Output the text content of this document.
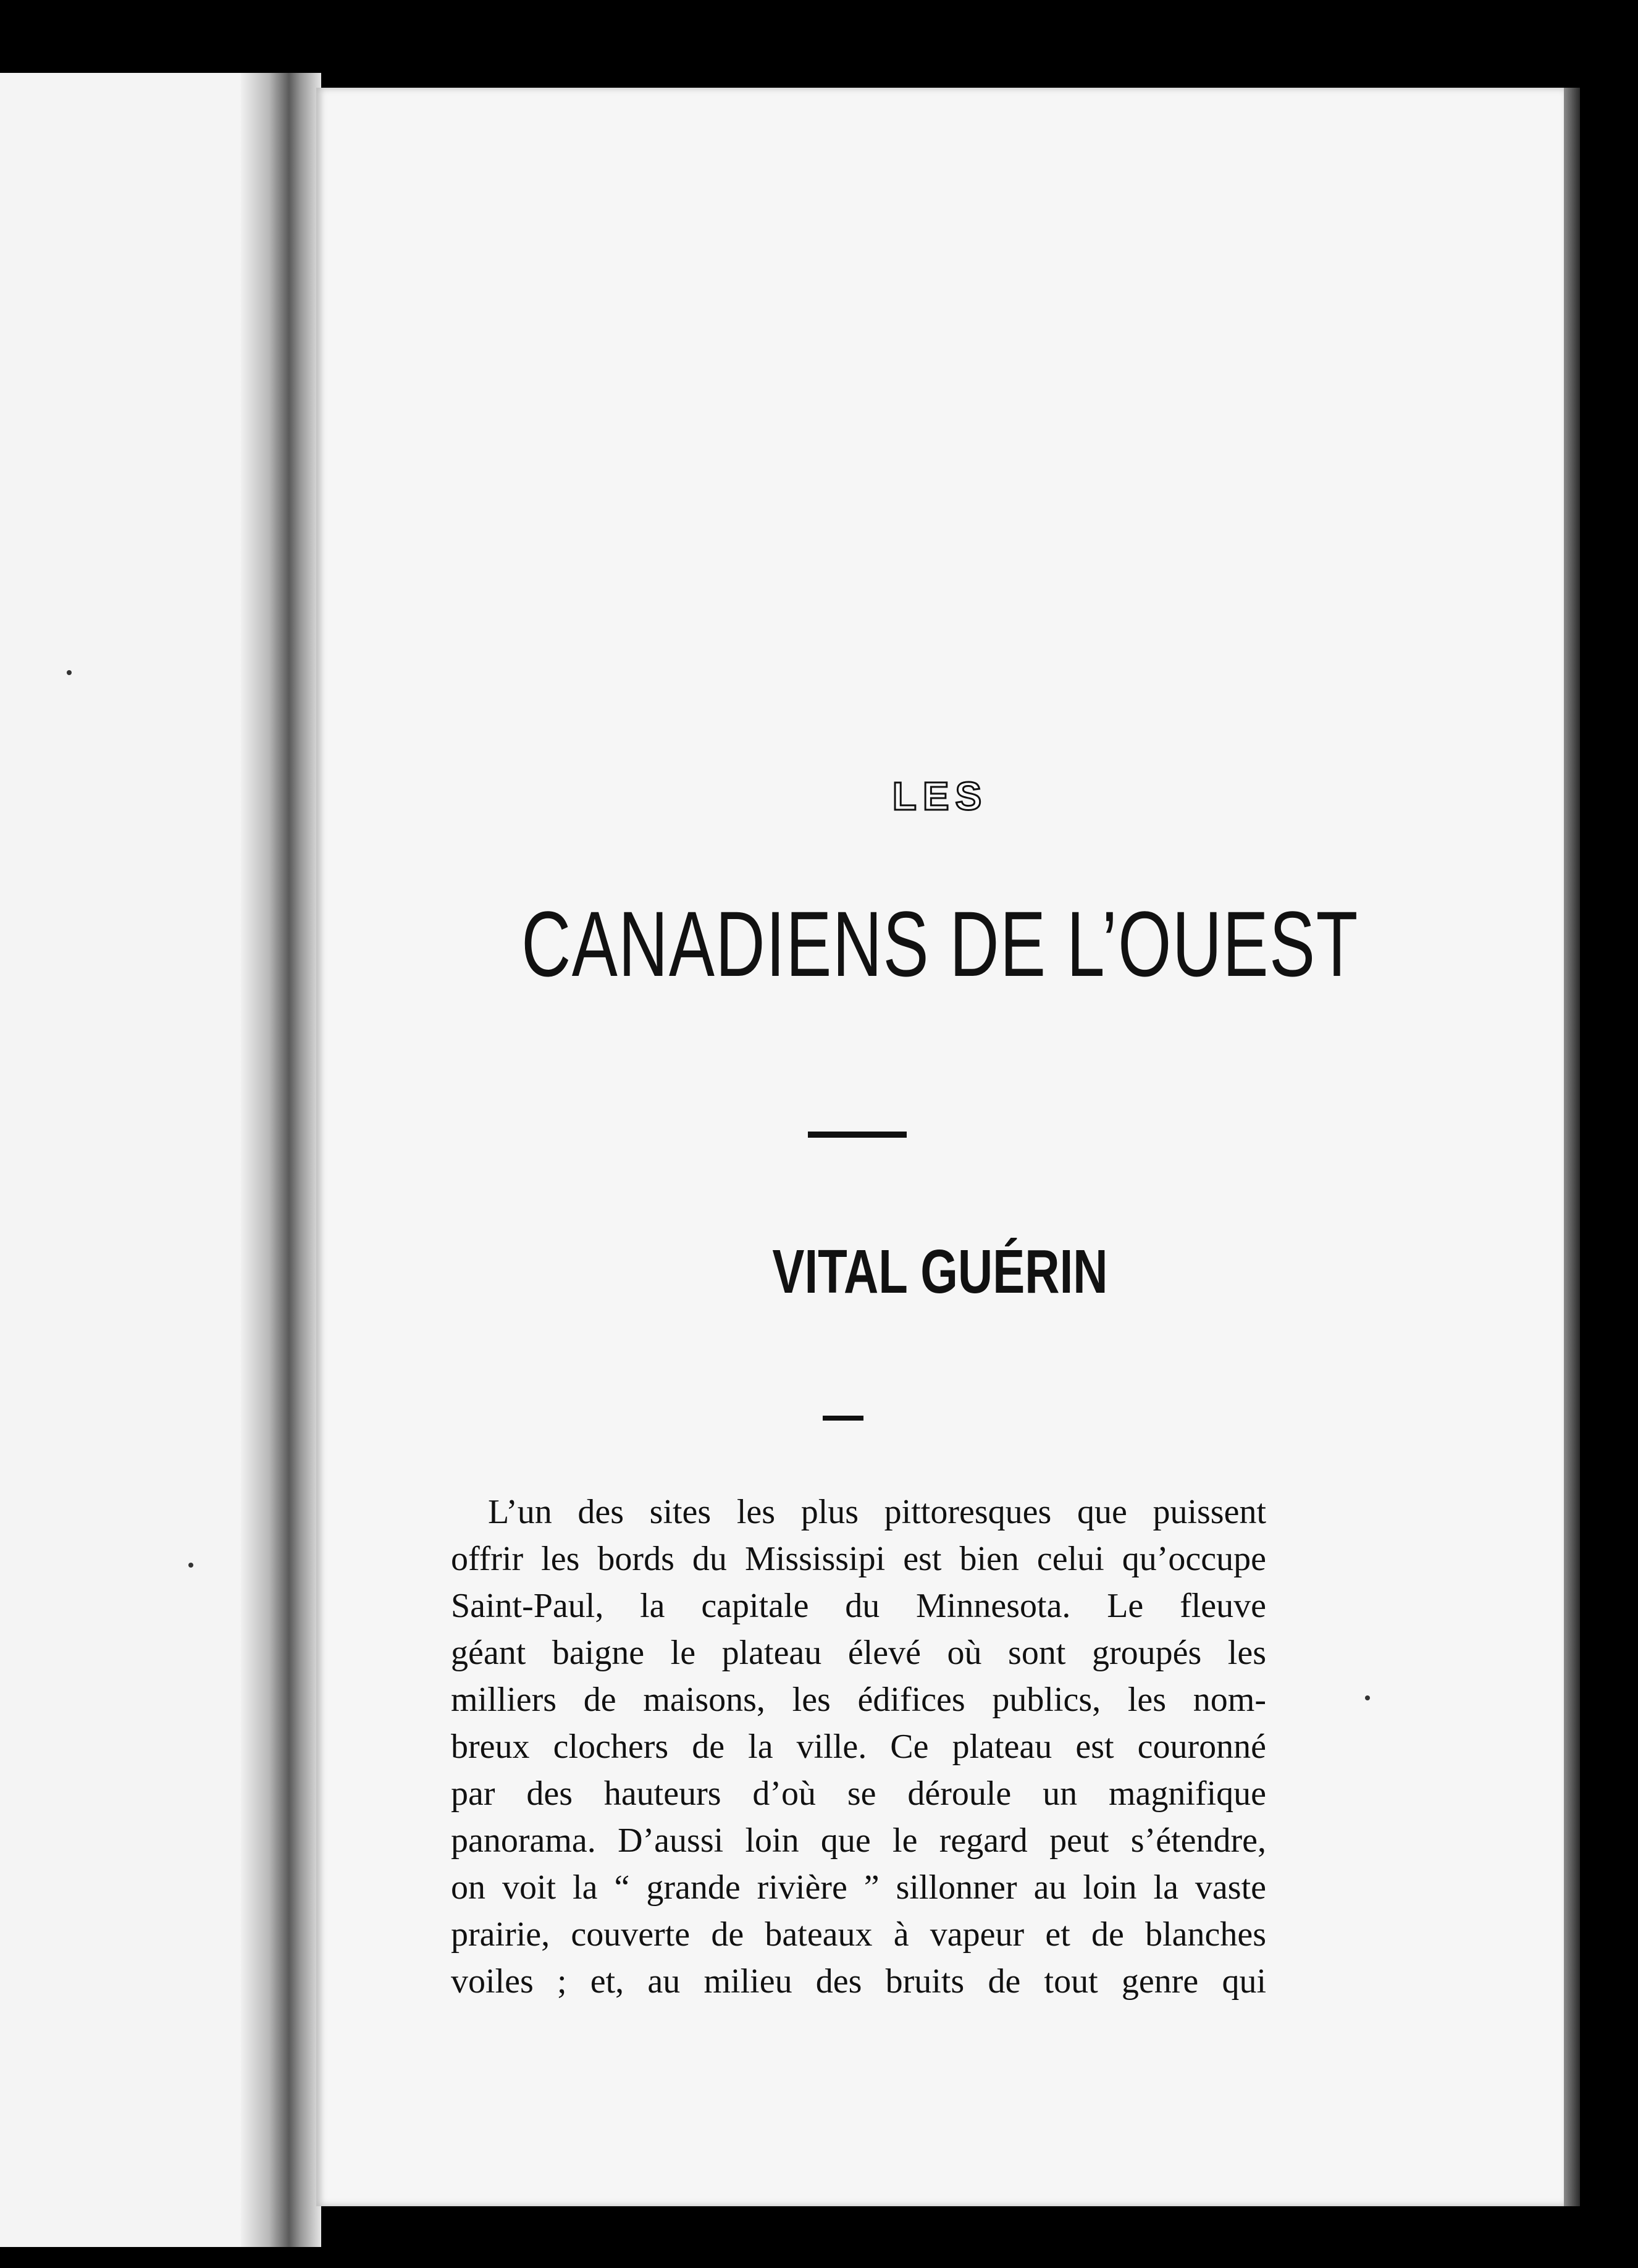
LES
CANADIENS DE L’OUEST
VITAL GUÉRIN
L’un des sites les plus pittoresques que puissent
offrir les bords du Mississipi est bien celui qu’occupe
Saint-Paul, la capitale du Minnesota. Le fleuve
géant baigne le plateau élevé où sont groupés les
milliers de maisons, les édifices publics, les nom-
breux clochers de la ville. Ce plateau est couronné
par des hauteurs d’où se déroule un magnifique
panorama. D’aussi loin que le regard peut s’étendre,
on voit la “ grande rivière ” sillonner au loin la vaste
prairie, couverte de bateaux à vapeur et de blanches
voiles ; et, au milieu des bruits de tout genre qui
